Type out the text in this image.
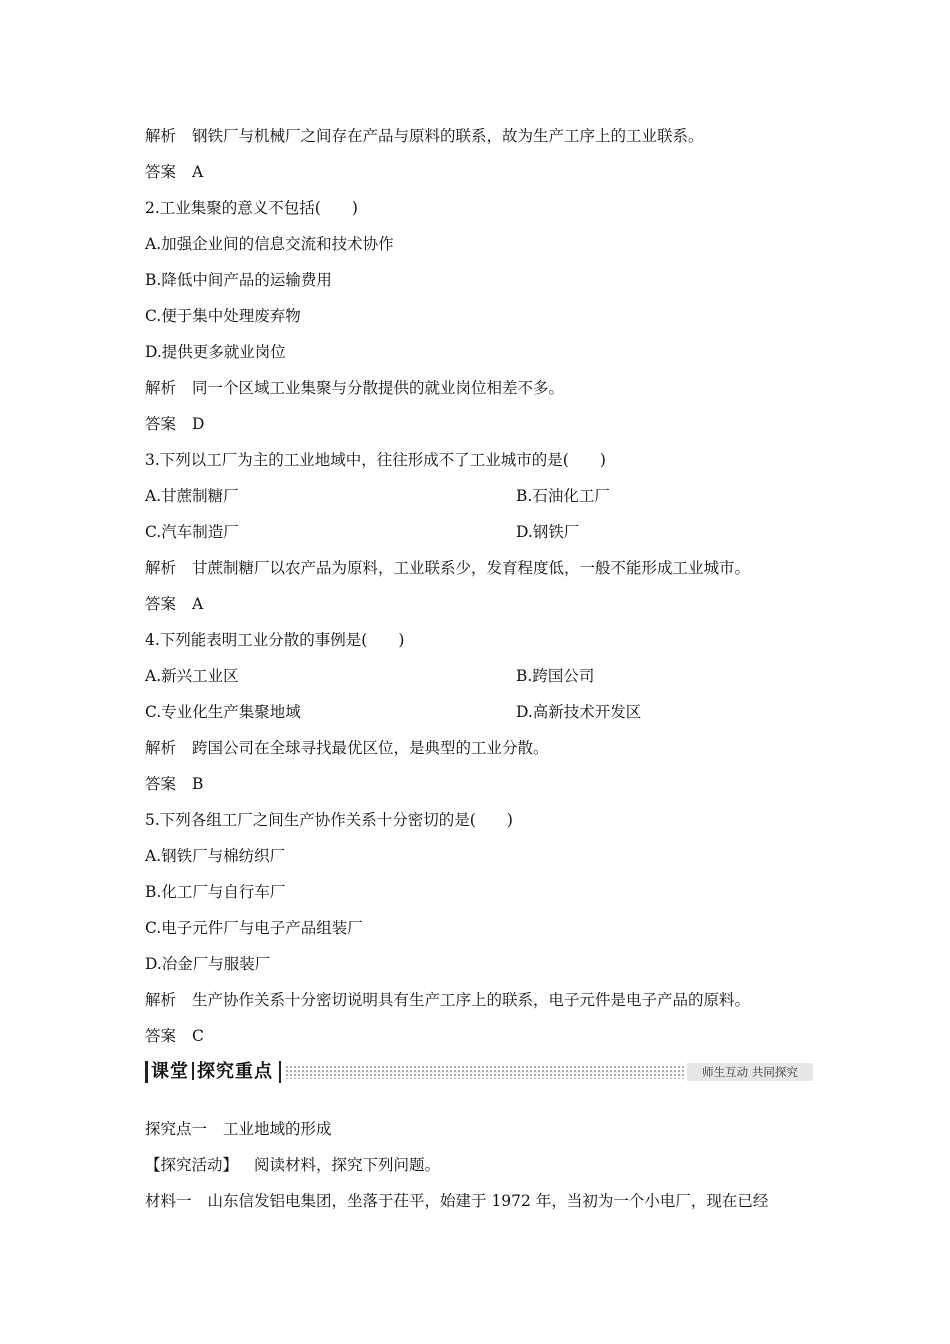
解析 钢铁厂与机械厂之间存在产品与原料的联系，故为生产工序上的工业联系。
答案 A
2.工业集聚的意义不包括(　　)
A.加强企业间的信息交流和技术协作
B.降低中间产品的运输费用
C.便于集中处理废弃物
D.提供更多就业岗位
解析 同一个区域工业集聚与分散提供的就业岗位相差不多。
答案 D
3.下列以工厂为主的工业地域中，往往形成不了工业城市的是(　　)
A.甘蔗制糖厂	B.石油化工厂
C.汽车制造厂	D.钢铁厂
解析 甘蔗制糖厂以农产品为原料，工业联系少，发育程度低，一般不能形成工业城市。
答案 A
4.下列能表明工业分散的事例是(　　)
A.新兴工业区	B.跨国公司
C.专业化生产集聚地域	D.高新技术开发区
解析 跨国公司在全球寻找最优区位，是典型的工业分散。
答案 B
5.下列各组工厂之间生产协作关系十分密切的是(　　)
A.钢铁厂与棉纺织厂
B.化工厂与自行车厂
C.电子元件厂与电子产品组装厂
D.冶金厂与服装厂
解析 生产协作关系十分密切说明具有生产工序上的联系，电子元件是电子产品的原料。
答案 C
课堂 探究重点	师生互动 共同探究
探究点一 工业地域的形成
【探究活动】 阅读材料，探究下列问题。
材料一 山东信发铝电集团，坐落于茌平，始建于 1972 年，当初为一个小电厂，现在已经
